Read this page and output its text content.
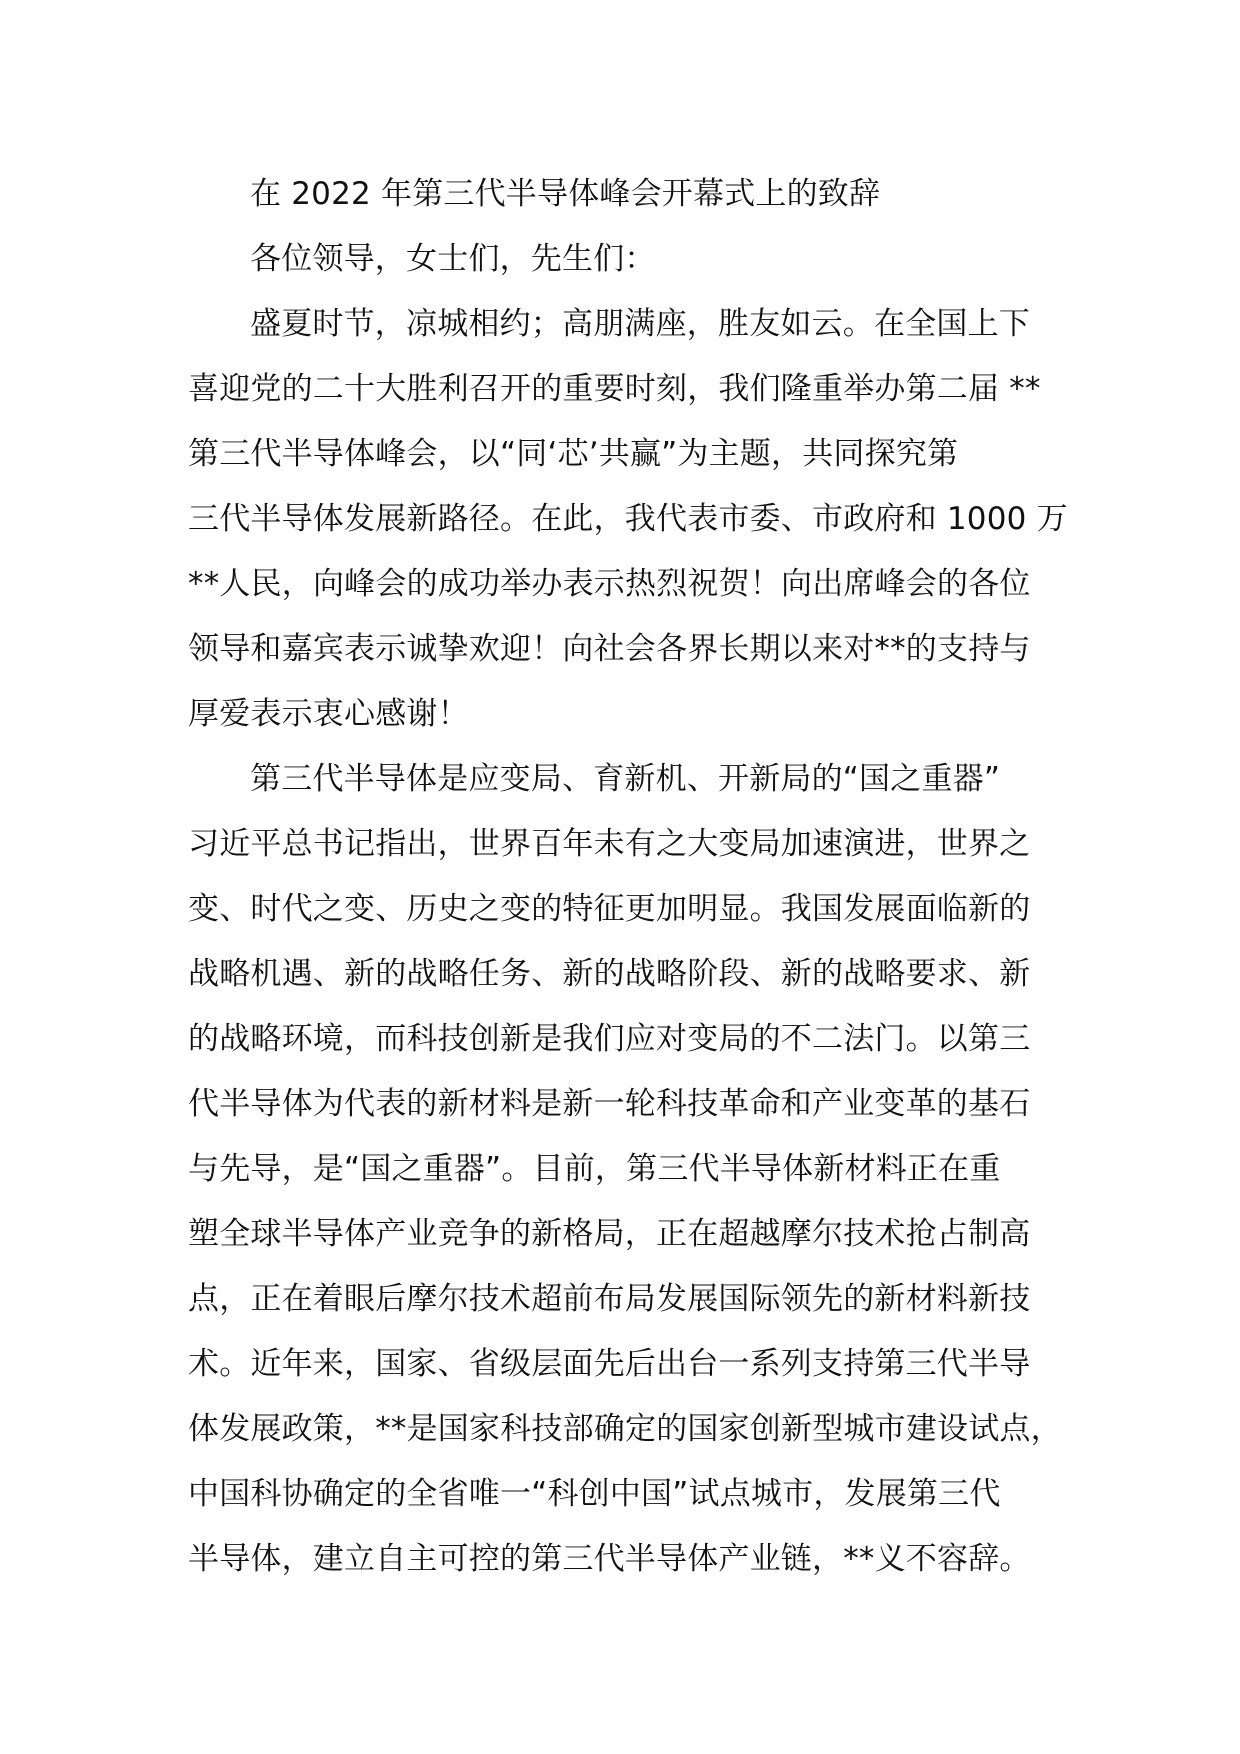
在 2022 年第三代半导体峰会开幕式上的致辞
各位领导，女士们，先生们：
盛夏时节，凉城相约；高朋满座，胜友如云。在全国上下
喜迎党的二十大胜利召开的重要时刻，我们隆重举办第二届 **
第三代半导体峰会，以“同‘芯’共赢”为主题，共同探究第
三代半导体发展新路径。在此，我代表市委、市政府和 1000 万
**人民，向峰会的成功举办表示热烈祝贺！向出席峰会的各位
领导和嘉宾表示诚挚欢迎！向社会各界长期以来对**的支持与
厚爱表示衷心感谢！
第三代半导体是应变局、育新机、开新局的“国之重器”
习近平总书记指出，世界百年未有之大变局加速演进，世界之
变、时代之变、历史之变的特征更加明显。我国发展面临新的
战略机遇、新的战略任务、新的战略阶段、新的战略要求、新
的战略环境，而科技创新是我们应对变局的不二法门。以第三
代半导体为代表的新材料是新一轮科技革命和产业变革的基石
与先导，是“国之重器”。目前，第三代半导体新材料正在重
塑全球半导体产业竞争的新格局，正在超越摩尔技术抢占制高
点，正在着眼后摩尔技术超前布局发展国际领先的新材料新技
术。近年来，国家、省级层面先后出台一系列支持第三代半导
体发展政策，**是国家科技部确定的国家创新型城市建设试点，
中国科协确定的全省唯一“科创中国”试点城市，发展第三代
半导体，建立自主可控的第三代半导体产业链，**义不容辞。
